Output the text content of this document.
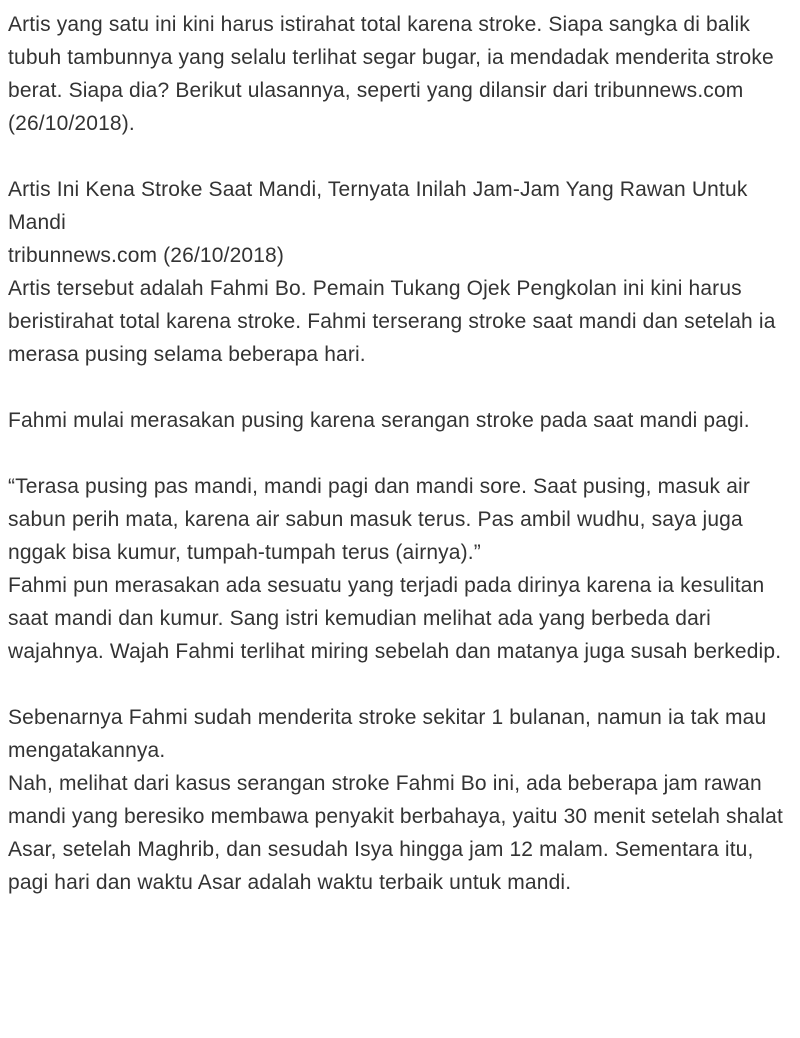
Artis yang satu ini kini harus istirahat total karena stroke. Siapa sangka di balik tubuh tambunnya yang selalu terlihat segar bugar, ia mendadak menderita stroke berat. Siapa dia? Berikut ulasannya, seperti yang dilansir dari tribunnews.com (26/10/2018).

Artis Ini Kena Stroke Saat Mandi, Ternyata Inilah Jam-Jam Yang Rawan Untuk Mandi

tribunnews.com (26/10/2018)

Artis tersebut adalah Fahmi Bo. Pemain Tukang Ojek Pengkolan ini kini harus beristirahat total karena stroke. Fahmi terserang stroke saat mandi dan setelah ia merasa pusing selama beberapa hari.

Fahmi mulai merasakan pusing karena serangan stroke pada saat mandi pagi.

“Terasa pusing pas mandi, mandi pagi dan mandi sore. Saat pusing, masuk air sabun perih mata, karena air sabun masuk terus. Pas ambil wudhu, saya juga nggak bisa kumur, tumpah-tumpah terus (airnya).”

Fahmi pun merasakan ada sesuatu yang terjadi pada dirinya karena ia kesulitan saat mandi dan kumur. Sang istri kemudian melihat ada yang berbeda dari wajahnya. Wajah Fahmi terlihat miring sebelah dan matanya juga susah berkedip.

Sebenarnya Fahmi sudah menderita stroke sekitar 1 bulanan, namun ia tak mau mengatakannya.

Nah, melihat dari kasus serangan stroke Fahmi Bo ini, ada beberapa jam rawan mandi yang beresiko membawa penyakit berbahaya, yaitu 30 menit setelah shalat Asar, setelah Maghrib, dan sesudah Isya hingga jam 12 malam. Sementara itu, pagi hari dan waktu Asar adalah waktu terbaik untuk mandi.
